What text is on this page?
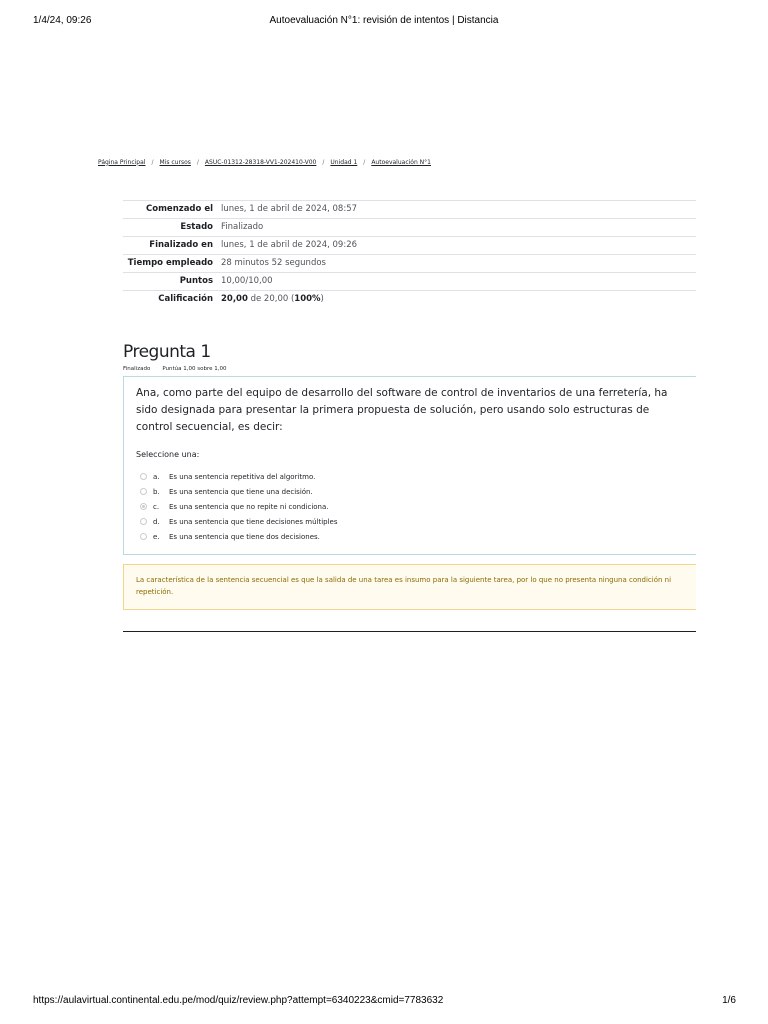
1/4/24, 09:26	Autoevaluación N°1: revisión de intentos | Distancia
Página Principal / Mis cursos / ASUC-01312-28318-VV1-202410-V00 / Unidad 1 / Autoevaluación N°1
Comenzado el	lunes, 1 de abril de 2024, 08:57
Estado	Finalizado
Finalizado en	lunes, 1 de abril de 2024, 09:26
Tiempo empleado	28 minutos 52 segundos
Puntos	10,00/10,00
Calificación	20,00 de 20,00 (100%)
Pregunta 1
Finalizado Puntúa 1,00 sobre 1,00
Ana, como parte del equipo de desarrollo del software de control de inventarios de una ferretería, ha sido designada para presentar la primera propuesta de solución, pero usando solo estructuras de control secuencial, es decir:
Seleccione una:
a.	Es una sentencia repetitiva del algoritmo.
b.	Es una sentencia que tiene una decisión.
c.	Es una sentencia que no repite ni condiciona.
d.	Es una sentencia que tiene decisiones múltiples
e.	Es una sentencia que tiene dos decisiones.
La característica de la sentencia secuencial es que la salida de una tarea es insumo para la siguiente tarea, por lo que no presenta ninguna condición ni repetición.
https://aulavirtual.continental.edu.pe/mod/quiz/review.php?attempt=6340223&cmid=7783632	1/6
